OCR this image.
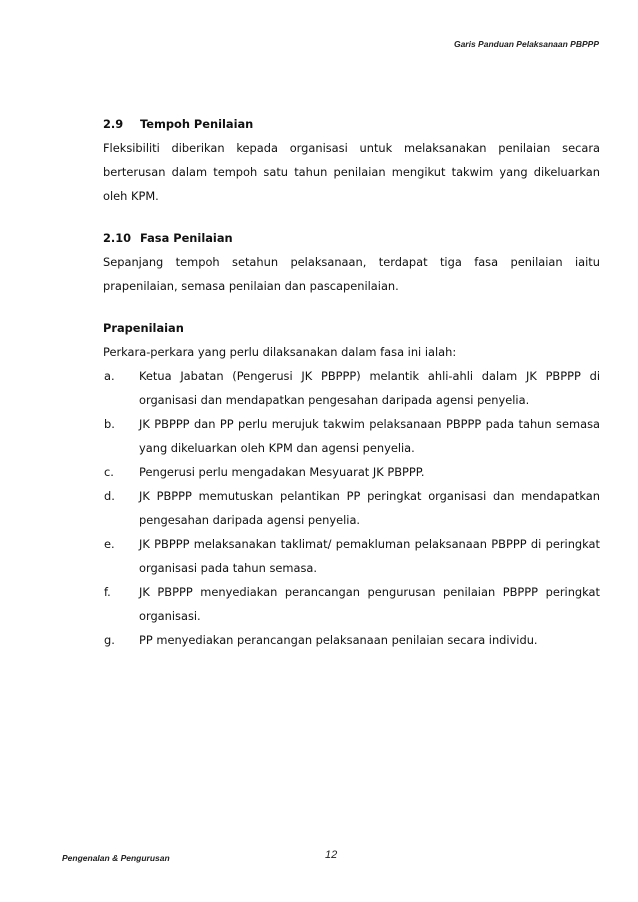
Garis Panduan Pelaksanaan PBPPP

2.9	Tempoh Penilaian

Fleksibiliti diberikan kepada organisasi untuk melaksanakan penilaian secara berterusan dalam tempoh satu tahun penilaian mengikut takwim yang dikeluarkan oleh KPM.

2.10 Fasa Penilaian

Sepanjang tempoh setahun pelaksanaan, terdapat tiga fasa penilaian iaitu prapenilaian, semasa penilaian dan pascapenilaian.

Prapenilaian

Perkara-perkara yang perlu dilaksanakan dalam fasa ini ialah:

a.	Ketua Jabatan (Pengerusi JK PBPPP) melantik ahli-ahli dalam JK PBPPP di organisasi dan mendapatkan pengesahan daripada agensi penyelia.
b.	JK PBPPP dan PP perlu merujuk takwim pelaksanaan PBPPP pada tahun semasa yang dikeluarkan oleh KPM dan agensi penyelia.
c.	Pengerusi perlu mengadakan Mesyuarat JK PBPPP.
d.	JK PBPPP memutuskan pelantikan PP peringkat organisasi dan mendapatkan pengesahan daripada agensi penyelia.
e.	JK PBPPP melaksanakan taklimat/ pemakluman pelaksanaan PBPPP di peringkat organisasi pada tahun semasa.
f.	JK PBPPP menyediakan perancangan pengurusan penilaian PBPPP peringkat organisasi.
g.	PP menyediakan perancangan pelaksanaan penilaian secara individu.
Pengenalan & Pengurusan	12
